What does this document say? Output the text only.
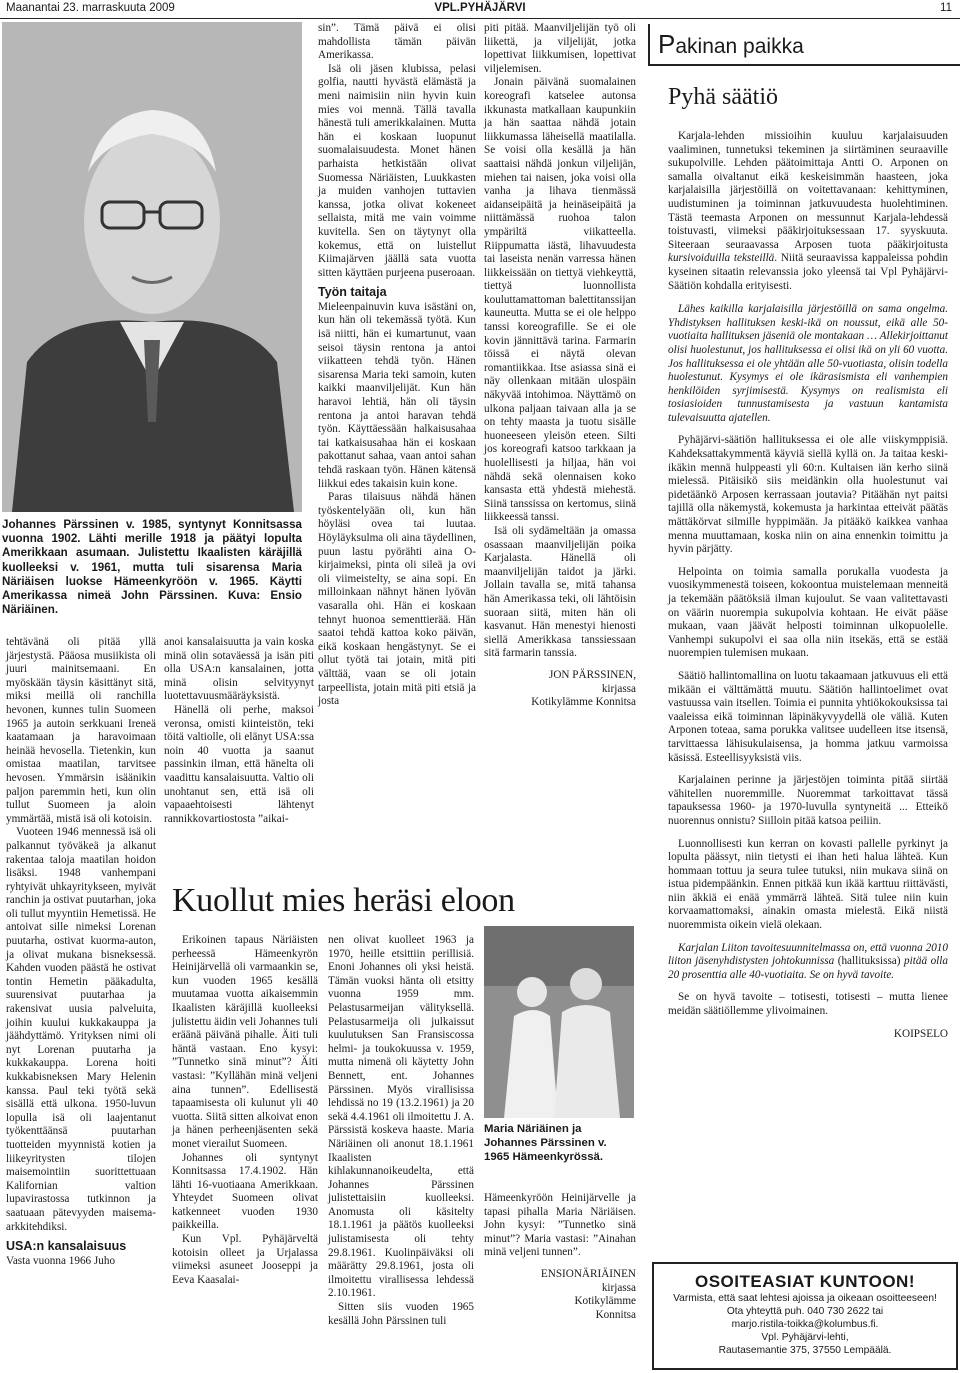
Maanantai 23. marraskuuta 2009	VPL.PYHÄJÄRVI	11
Johannes Pärssinen v. 1985, syntynyt Konnitsassa vuonna 1902. Lähti merille 1918 ja päätyi lopulta Amerikkaan asumaan. Julistettu Ikaalisten käräjillä kuolleeksi v. 1961, mutta tuli sisarensa Maria Näriäisen luokse Hämeenkyröön v. 1965. Käytti Amerikassa nimeä John Pärssinen. Kuva: Ensio Näriäinen.

tehtävänä oli pitää yllä järjestystä. Pääosa musiikista oli juuri mainitsemaani. En myöskään täysin käsittänyt sitä, miksi meillä oli ranchilla hevonen, kunnes tulin Suomeen 1965 ja autoin serkkuani Ireneä kaatamaan ja haravoimaan heinää hevosella. Tietenkin, kun omistaa maatilan, tarvitsee hevosen. Ymmärsin isäänikin paljon paremmin heti, kun olin tullut Suomeen ja aloin ymmärtää, mistä isä oli kotoisin.

Vuoteen 1946 mennessä isä oli palkannut työväkeä ja alkanut rakentaa taloja maatilan hoidon lisäksi. 1948 vanhempani ryhtyivät uhkayritykseen, myivät ranchin ja ostivat puutarhan, joka oli tullut myyntiin Hemetissä. He antoivat sille nimeksi Lorenan puutarha, ostivat kuorma-auton, ja olivat mukana bisneksessä. Kahden vuoden päästä he ostivat tontin Hemetin pääkadulta, suurensivat puutarhaa ja rakensivat uusia palveluita, joihin kuului kukkakauppa ja jäähdyttämö. Yrityksen nimi oli nyt Lorenan puutarha ja kukkakauppa. Lorena hoiti kukkabisneksen Mary Helenin kanssa. Paul teki työtä sekä sisällä että ulkona. 1950-luvun lopulla isä oli laajentanut työkenttäänsä puutarhan tuotteiden myynnistä kotien ja liikeyritysten tilojen maisemointiin suorittettuaan Kalifornian valtion lupavirastossa tutkinnon ja saatuaan pätevyyden maisema-arkkitehdiksi.

USA:n kansalaisuus

Vasta vuonna 1966 Juho

anoi kansalaisuutta ja vain koska minä olin sotaväessä ja isän piti olla USA:n kansalainen, jotta minä olisin selvityynyt luotettavuusmääräyksistä.

Hänellä oli perhe, maksoi veronsa, omisti kiinteistön, teki töitä valtiolle, oli elänyt USA:ssa noin 40 vuotta ja saanut passinkin ilman, että hänelta oli vaadittu kansalaisuutta. Valtio oli unohtanut sen, että isä oli vapaaehtoisesti lähtenyt rannikkovartiostosta ”aikai-

sin”. Tämä päivä ei olisi mahdollista tämän päivän Amerikassa.

Isä oli jäsen klubissa, pelasi golfia, nautti hyvästä elämästä ja meni naimisiin niin hyvin kuin mies voi mennä. Tällä tavalla hänestä tuli amerikkalainen. Mutta hän ei koskaan luopunut suomalaisuudesta. Monet hänen parhaista hetkistään olivat Suomessa Näriäisten, Luukkasten ja muiden vanhojen tuttavien kanssa, jotka olivat kokeneet sellaista, mitä me vain voimme kuvitella. Sen on täytynyt olla kokemus, että on luistellut Kiimajärven jäällä sata vuotta sitten käyttäen purjeena puseroaan.

Työn taitaja

Mieleenpainuvin kuva isästäni on, kun hän oli tekemässä työtä. Kun isä niitti, hän ei kumartunut, vaan seisoi täysin rentona ja antoi viikatteen tehdä työn. Hänen sisarensa Maria teki samoin, kuten kaikki maanviljelijät. Kun hän haravoi lehtiä, hän oli täysin rentona ja antoi haravan tehdä työn. Käyttäessään halkaisusahaa tai katkaisusahaa hän ei koskaan pakottanut sahaa, vaan antoi sahan tehdä raskaan työn. Hänen kätensä liikkui edes takaisin kuin kone.

Paras tilaisuus nähdä hänen työskentelyään oli, kun hän höyläsi ovea tai luutaa. Höyläyksulma oli aina täydellinen, puun lastu pyörähti aina O-kirjaimeksi, pinta oli sileä ja ovi oli viimeistelty, se aina sopi. En milloinkaan nähnyt hänen lyövän vasaralla ohi. Hän ei koskaan tehnyt huonoa sementtierää. Hän saatoi tehdä kattoa koko päivän, eikä koskaan hengästynyt. Se ei ollut työtä tai jotain, mitä piti välttää, vaan se oli jotain tarpeellista, jotain mitä piti etsiä ja josta

piti pitää. Maanviljelijän työ oli liikettä, ja viljelijät, jotka lopettivat liikkumisen, lopettivat viljelemisen.

Jonain päivänä suomalainen koreografi katselee autonsa ikkunasta matkallaan kaupunkiin ja hän saattaa nähdä jotain liikkumassa läheisellä maatilalla. Se voisi olla kesällä ja hän saattaisi nähdä jonkun viljelijän, miehen tai naisen, joka voisi olla vanha ja lihava tienmässä aidanseipäitä ja heinäseipäitä ja niittämässä ruohoa talon ympäriltä viikatteella. Riippumatta iästä, lihavuudesta tai laseista nenän varressa hänen liikkeissään on tiettyä viehkeyttä, tiettyä luonnollista kouluttamattoman balettitanssijan kauneutta. Mutta se ei ole helppo tanssi koreografille. Se ei ole kovin jännittävä tarina. Farmarin töissä ei näytä olevan romantiikkaa. Itse asiassa sinä ei näy ollenkaan mitään ulospäin näkyvää intohimoa. Näyttämö on ulkona paljaan taivaan alla ja se on tehty maasta ja tuotu sisälle huoneeseen yleisön eteen. Silti jos koreografi katsoo tarkkaan ja huolellisesti ja hiljaa, hän voi nähdä sekä olennaisen koko kansasta että yhdestä miehestä. Siinä tanssissa on kertomus, siinä liikkeessä tanssi.

Isä oli sydämeltään ja omassa osassaan maanviljelijän poika Karjalasta. Hänellä oli maanviljelijän taidot ja järki. Jollain tavalla se, mitä tahansa hän Amerikassa teki, oli lähtöisin suoraan siitä, miten hän oli kasvanut. Hän menestyi hienosti siellä Amerikkasa tanssiessaan sitä farmarin tanssia.

JON PÄRSSINEN,
kirjassa
Kotikylämme Konnitsa
Kuollut mies heräsi eloon

Erikoinen tapaus Näriäisten perheessä Hämeenkyrön Heinijärvellä oli varmaankin se, kun vuoden 1965 kesällä muutamaa vuotta aikaisemmin Ikaalisten käräjillä kuolleeksi julistettu äidin veli Johannes tuli eräänä päivänä pihalle. Äiti tuli häntä vastaan. Eno kysyi: ”Tunnetko sinä minut”? Äiti vastasi: ”Kyllähän minä veljeni aina tunnen”. Edellisestä tapaamisesta oli kulunut yli 40 vuotta. Siitä sitten alkoivat enon ja hänen perheenjäsenten sekä monet vierailut Suomeen.

Johannes oli syntynyt Konnitsassa 17.4.1902. Hän lähti 16-vuotiaana Amerikkaan. Yhteydet Suomeen olivat katkenneet vuoden 1930 paikkeilla.

Kun Vpl. Pyhäjärveltä kotoisin olleet ja Urjalassa viimeksi asuneet Jooseppi ja Eeva Kaasalai-

nen olivat kuolleet 1963 ja 1970, heille etsittiin perillisiä. Enoni Johannes oli yksi heistä. Tämän vuoksi hänta oli etsitty vuonna 1959 mm. Pelastusarmeijan välityksellä. Pelastusarmeija oli julkaissut kuulutuksen San Fransiscossa helmi- ja toukokuussa v. 1959, mutta nimenä oli käytetty John Bennett, ent. Johannes Pärssinen. Myös virallisissa lehdissä no 19 (13.2.1961) ja 20 sekä 4.4.1961 oli ilmoitettu J. A. Pärssistä koskeva haaste. Maria Näriäinen oli anonut 18.1.1961 Ikaalisten kihlakunnanoikeudelta, että Johannes Pärssinen julistettaisiin kuolleeksi. Anomusta oli käsitelty 18.1.1961 ja päätös kuolleeksi julistamisesta oli tehty 29.8.1961. Kuolinpäiväksi oli määrätty 29.8.1961, josta oli ilmoitettu virallisessa lehdessä 2.10.1961.

Sitten siis vuoden 1965 kesällä John Pärssinen tuli

Maria Näriäinen ja Johannes Pärssinen v. 1965 Hämeenkyrössä.

Hämeenkyröön Heinijärvelle ja tapasi pihalla Maria Näriäisen. John kysyi: ”Tunnetko sinä minut”? Maria vastasi: ”Ainahan minä veljeni tunnen”.

ENSIONÄRIÄINEN
kirjassa
Kotikylämme
Konnitsa
Pakinan paikka
Pyhä säätiö

Karjala-lehden missioihin kuuluu karjalaisuuden vaaliminen, tunnetuksi tekeminen ja siirtäminen seuraaville sukupolville. Lehden päätoimittaja Antti O. Arponen on samalla oivaltanut eikä keskeisimmän haasteen, joka karjalaisilla järjestöillä on voitettavanaan: kehittyminen, uudistuminen ja toiminnan jatkuvuudesta huolehtiminen. Tästä teemasta Arponen on messunnut Karjala-lehdessä toistuvasti, viimeksi pääkirjoituksessaan 17. syyskuuta. Siteeraan seuraavassa Arposen tuota pääkirjoitusta kursivoiduilla teksteillä. Niitä seuraavissa kappaleissa pohdin kyseinen sitaatin relevanssia joko yleensä tai Vpl Pyhäjärvi-Säätiön kohdalla erityisesti.

Lähes kaikilla karjalaisilla järjestöillä on sama ongelma. Yhdistyksen hallituksen keski-ikä on noussut, eikä alle 50-vuotiaita hallituksen jäseniä ole montakaan … Allekirjoittanut olisi huolestunut, jos hallituksessa ei olisi ikä on yli 60 vuotta. Jos hallituksessa ei ole yhtään alle 50-vuotiasta, olisin todella huolestunut. Kysymys ei ole ikärasismista eli vanhempien henkilöiden syrjimisestä. Kysymys on realismista eli tosiasioiden tunnustamisesta ja vastuun kantamista tulevaisuutta ajatellen.

Pyhäjärvi-säätiön hallituksessa ei ole alle viiskymppisiä. Kahdeksattakymmentä käyviä siellä kyllä on. Ja taitaa keski-ikäkin mennä hulppeasti yli 60:n. Kultaisen iän kerho siinä mielessä. Pitäisikö siis meidänkin olla huolestunut vai pidetäänkö Arposen kerrassaan joutavia? Pitäähän nyt paitsi tajillä olla näkemystä, kokemusta ja harkintaa etteivät päätäs mättäkörvat silmille hyppimään. Ja pitääkö kaikkea vanhaa menna muuttamaan, koska niin on aina ennenkin toimittu ja hyvin pärjätty.

Helpointa on toimia samalla porukalla vuodesta ja vuosikymmenestä toiseen, kokoontua muistelemaan menneitä ja tekemään päätöksiä ilman kujoulut. Se vaan valitettavasti on väärin nuorempia sukupolvia kohtaan. He eivät pääse mukaan, vaan jäävät helposti toiminnan ulkopuolelle. Vanhempi sukupolvi ei saa olla niin itsekäs, että se estää nuorempien tulemisen mukaan.

Säätiö hallintomallina on luotu takaamaan jatkuvuus eli että mikään ei välttämättä muutu. Säätiön hallintoelimet ovat vastuussa vain itsellen. Toimia ei punnita yhtiökokouksissa tai vaaleissa eikä toiminnan läpinäkyvyydellä ole väliä. Kuten Arponen toteaa, sama porukka valitsee uudelleen itse itsensä, tarvittaessa lähisukulaisensa, ja homma jatkuu varmoissa käsissä. Esteellisyyksistä viis.

Karjalainen perinne ja järjestöjen toiminta pitää siirtää vähitellen nuoremmille. Nuoremmat tarkoittavat tässä tapauksessa 1960- ja 1970-luvulla syntyneitä ... Etteikö nuorennus onnistu? Siilloin pitää katsoa peiliin.

Luonnollisesti kun kerran on kovasti pallelle pyrkinyt ja lopulta päässyt, niin tietysti ei ihan heti halua lähteä. Kun hommaan tottuu ja seura tulee tutuksi, niin mukava siinä on istua pidempäänkin. Ennen pitkää kun ikää karttuu riittävästi, niin äkkiä ei enää ymmärrä lähteä. Sitä tulee niin kuin korvaamattomaksi, ainakin omasta mielestä. Eikä niistä nuoremmista oikein vielä olekaan.

Karjalan Liiton tavoitesuunnitelmassa on, että vuonna 2010 liiton jäsenyhdistysten johtokunnissa (hallituksissa) pitää olla 20 prosenttia alle 40-vuotiaita. Se on hyvä tavoite.

Se on hyvä tavoite – totisesti, totisesti – mutta lienee meidän säätiöllemme ylivoimainen.

KOIPSELO
OSOITEASIAT KUNTOON!
Varmista, että saat lehtesi ajoissa ja oikeaan osoitteeseen!
Ota yhteyttä puh. 040 730 2622 tai
marjo.ristila-toikka@kolumbus.fi.
Vpl. Pyhäjärvi-lehti,
Rautasemantie 375, 37550 Lempäälä.
